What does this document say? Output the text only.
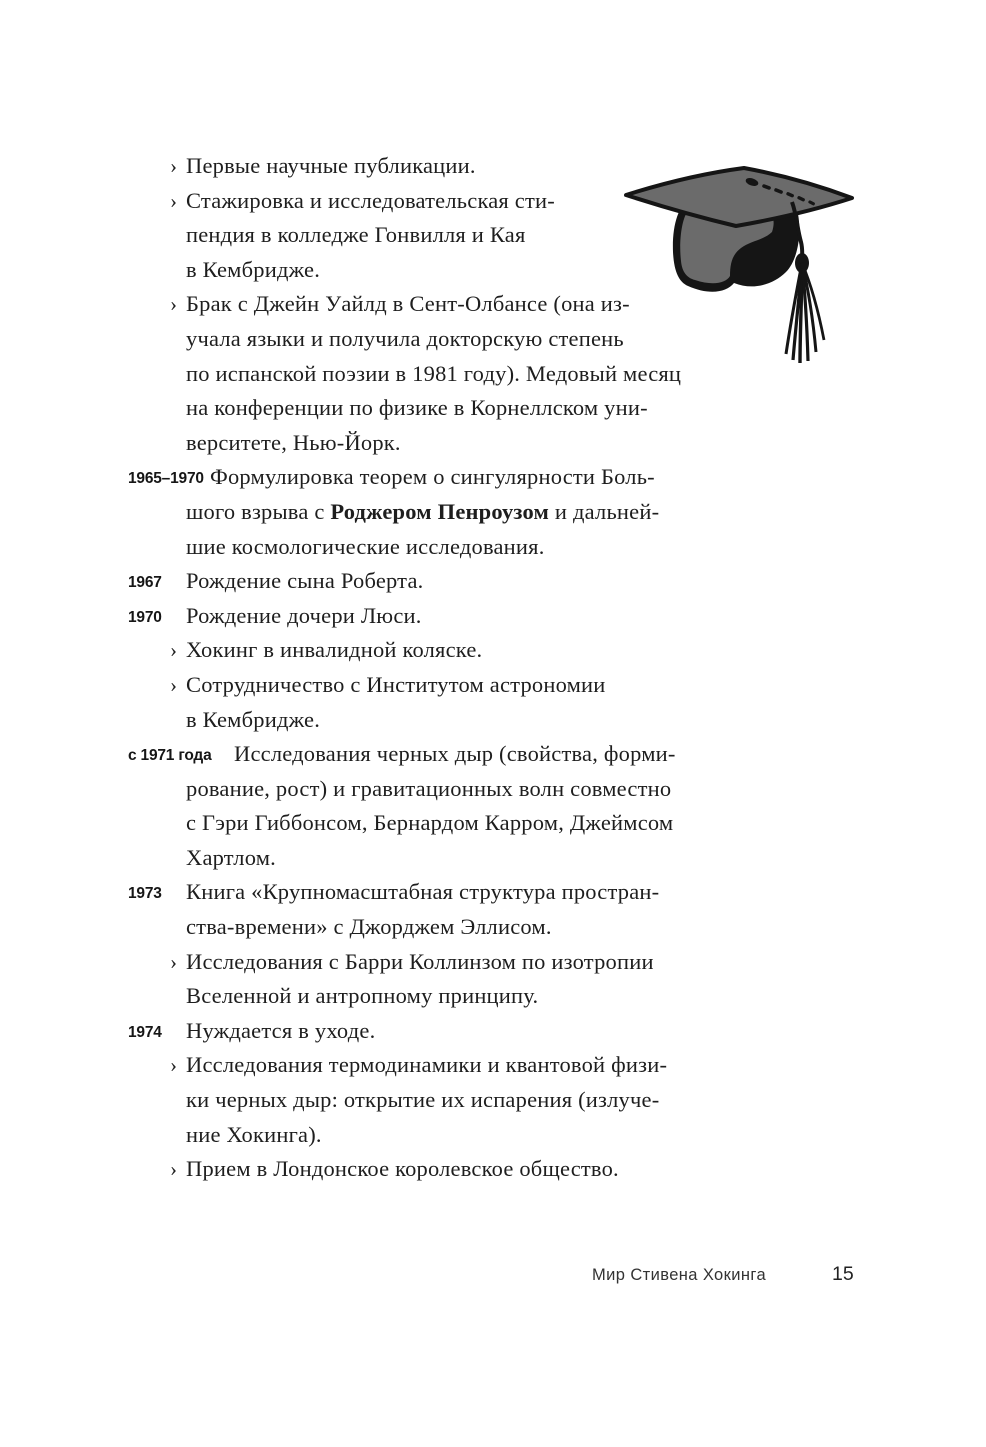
› Первые научные публикации.
› Стажировка и исследовательская сти-
пендия в колледже Гонвилля и Кая
в Кембридже.
› Брак с Джейн Уайлд в Сент-Олбансе (она из-
учала языки и получила докторскую степень
по испанской поэзии в 1981 году). Медовый месяц
на конференции по физике в Корнеллском уни-
верситете, Нью-Йорк.
1965–1970 Формулировка теорем о сингулярности Боль-
шого взрыва с Роджером Пенроузом и дальней-
шие космологические исследования.
1967 Рождение сына Роберта.
1970 Рождение дочери Люси.
› Хокинг в инвалидной коляске.
› Сотрудничество с Институтом астрономии
в Кембридже.
с 1971 года	Исследования черных дыр (свойства, форми-
рование, рост) и гравитационных волн совместно
с Гэри Гиббонсом, Бернардом Карром, Джеймсом
Хартлом.
1973 Книга «Крупномасштабная структура простран-
ства-времени» с Джорджем Эллисом.
› Исследования с Барри Коллинзом по изотропии
Вселенной и антропному принципу.
1974 Нуждается в уходе.
› Исследования термодинамики и квантовой физи-
ки черных дыр: открытие их испарения (излуче-
ние Хокинга).
› Прием в Лондонское королевское общество.
Мир Стивена Хокинга	15
